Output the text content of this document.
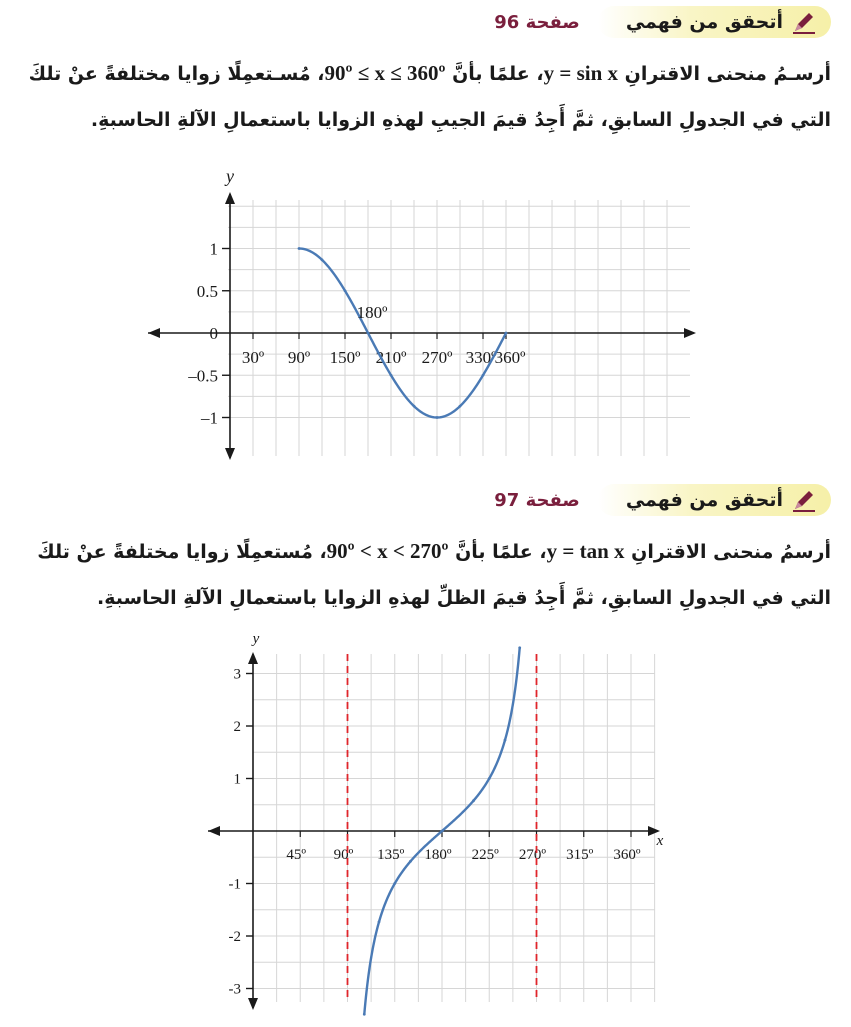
أتحقق من فهمي
صفحة 96
أرسـمُ منحنى الاقترانِ y = sin x، علمًا بأنَّ 90º ≤ x ≤ 360º، مُسـتعمِلًا زوايا مختلفةً عنْ تلكَ التي في الجدولِ السابقِ، ثمَّ أَجِدُ قيمَ الجيبِ لهذهِ الزوايا باستعمالِ الآلةِ الحاسبةِ.
y
1
0.5
0
–0.5
–1
30º 90º 150º 210º 270º 330º
360º
180º
أتحقق من فهمي
صفحة 97
أرسمُ منحنى الاقترانِ y = tan x، علمًا بأنَّ 90º < x < 270º، مُستعمِلًا زوايا مختلفةً عنْ تلكَ التي في الجدولِ السابقِ، ثمَّ أَجِدُ قيمَ الظلِّ لهذهِ الزوايا باستعمالِ الآلةِ الحاسبةِ.
x
y
3
2
1
-1
-2
-3
45º 90º 135º 180º 225º 270º 315º 360º
